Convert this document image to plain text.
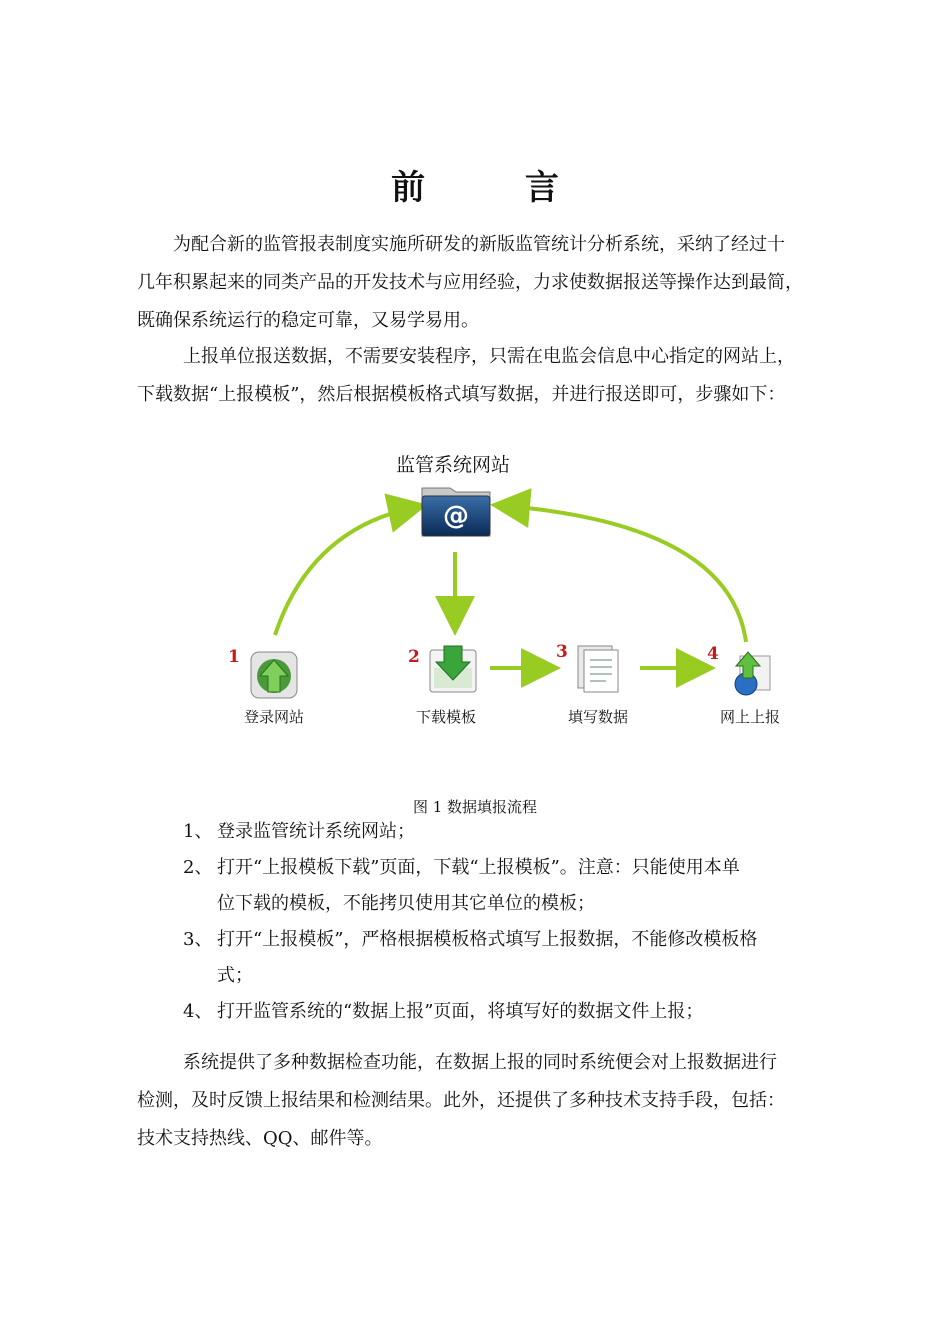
前 言
为配合新的监管报表制度实施所研发的新版监管统计分析系统，采纳了经过十
几年积累起来的同类产品的开发技术与应用经验，力求使数据报送等操作达到最简，
既确保系统运行的稳定可靠，又易学易用。
上报单位报送数据，不需要安装程序，只需在电监会信息中心指定的网站上，
下载数据“上报模板”，然后根据模板格式填写数据，并进行报送即可，步骤如下：
@
监管系统网站
1	2	3	4
登录网站	下载模板	填写数据	网上上报
图 1 数据填报流程
1、 登录监管统计系统网站；
2、 打开“上报模板下载”页面，下载“上报模板”。注意：只能使用本单
位下载的模板，不能拷贝使用其它单位的模板；
3、 打开“上报模板”，严格根据模板格式填写上报数据，不能修改模板格
式；
4、 打开监管系统的“数据上报”页面，将填写好的数据文件上报；
系统提供了多种数据检查功能，在数据上报的同时系统便会对上报数据进行
检测，及时反馈上报结果和检测结果。此外，还提供了多种技术支持手段，包括：
技术支持热线、QQ、邮件等。
